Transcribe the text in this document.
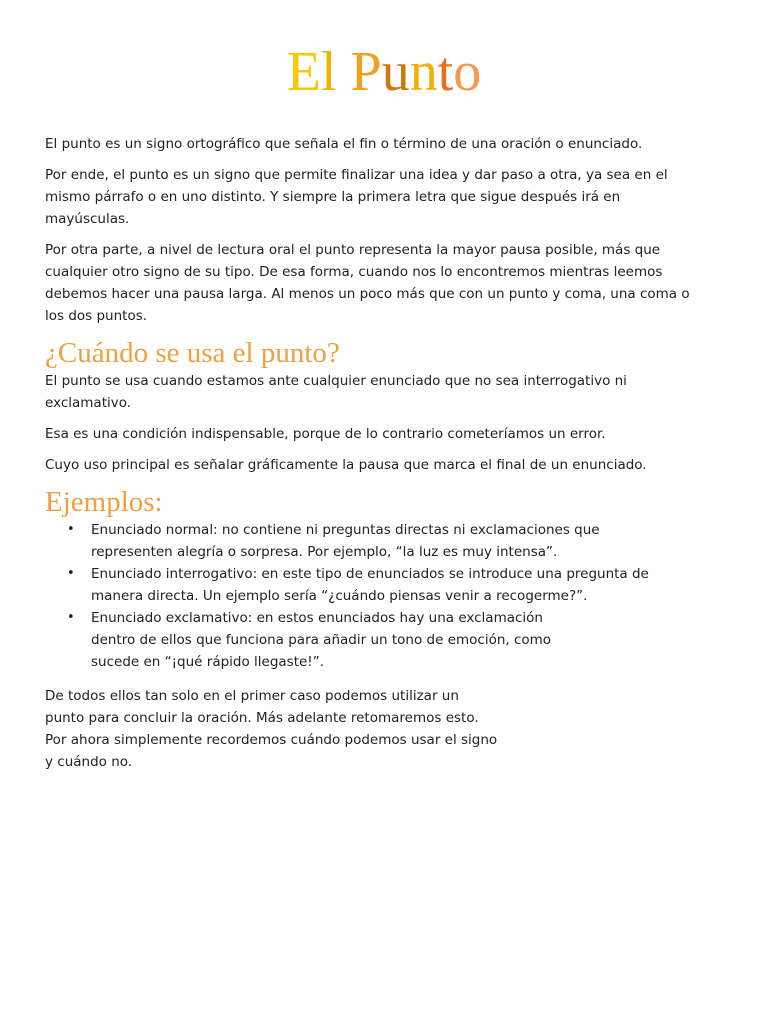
El Punto

El punto es un signo ortográfico que señala el fin o término de una oración o enunciado.

Por ende, el punto es un signo que permite finalizar una idea y dar paso a otra, ya sea en el mismo párrafo o en uno distinto. Y siempre la primera letra que sigue después irá en mayúsculas.

Por otra parte, a nivel de lectura oral el punto representa la mayor pausa posible, más que cualquier otro signo de su tipo. De esa forma, cuando nos lo encontremos mientras leemos debemos hacer una pausa larga. Al menos un poco más que con un punto y coma, una coma o los dos puntos.

¿Cuándo se usa el punto?

El punto se usa cuando estamos ante cualquier enunciado que no sea interrogativo ni exclamativo.

Esa es una condición indispensable, porque de lo contrario cometeríamos un error.

Cuyo uso principal es señalar gráficamente la pausa que marca el final de un enunciado.

Ejemplos:
• Enunciado normal: no contiene ni preguntas directas ni exclamaciones que
representen alegría o sorpresa. Por ejemplo, “la luz es muy intensa”.
• Enunciado interrogativo: en este tipo de enunciados se introduce una pregunta de
manera directa. Un ejemplo sería “¿cuándo piensas venir a recogerme?”.
• Enunciado exclamativo: en estos enunciados hay una exclamación
dentro de ellos que funciona para añadir un tono de emoción, como
sucede en “¡qué rápido llegaste!”.
De todos ellos tan solo en el primer caso podemos utilizar un
punto para concluir la oración. Más adelante retomaremos esto.
Por ahora simplemente recordemos cuándo podemos usar el signo
y cuándo no.
